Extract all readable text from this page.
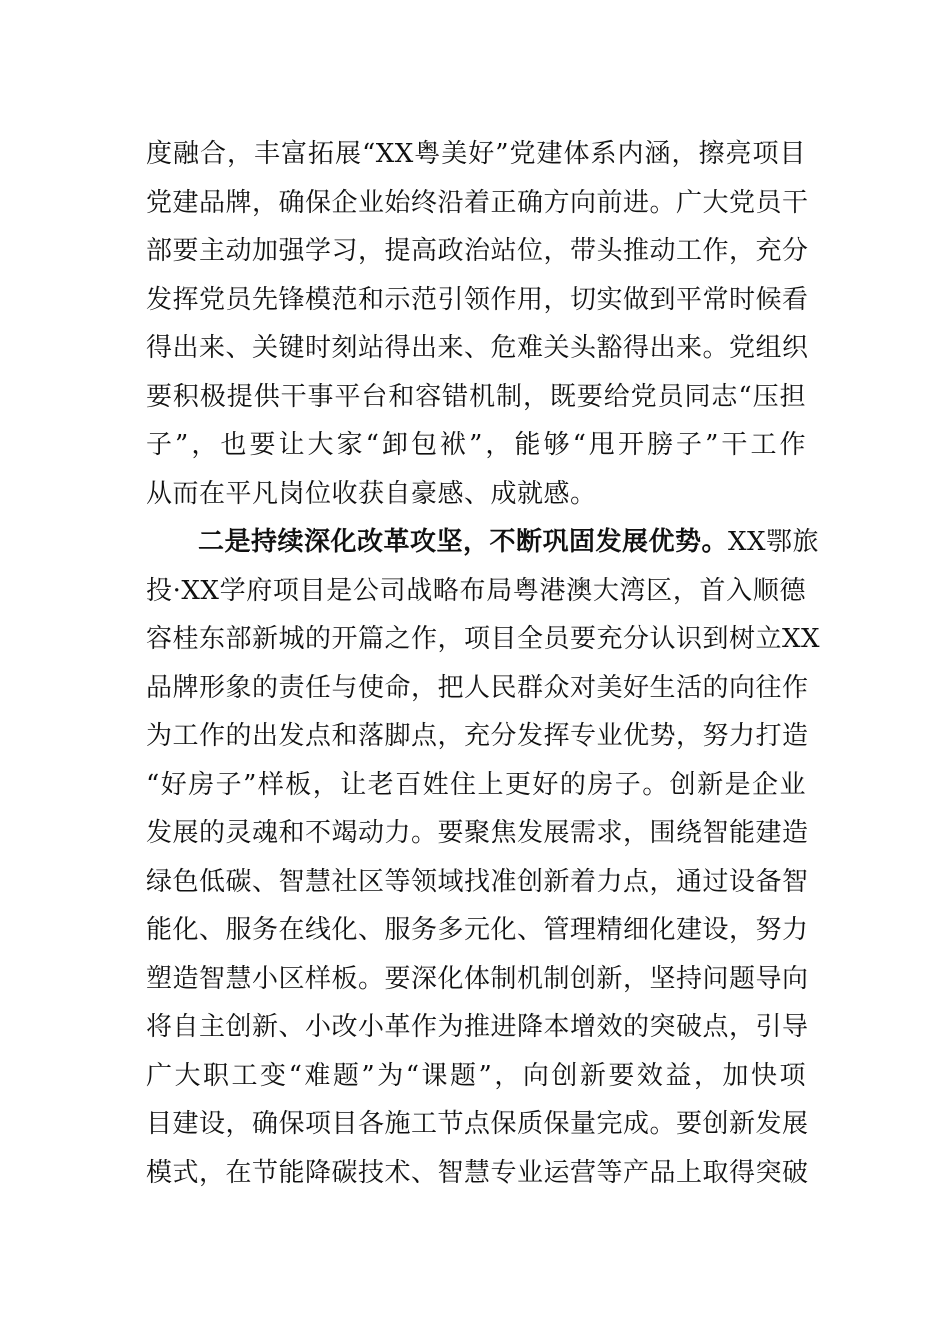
度融合，丰富拓展“XX粤美好”党建体系内涵，擦亮项目
党建品牌，确保企业始终沿着正确方向前进。广大党员干
部要主动加强学习，提高政治站位，带头推动工作，充分
发挥党员先锋模范和示范引领作用，切实做到平常时候看
得出来、关键时刻站得出来、危难关头豁得出来。党组织
要积极提供干事平台和容错机制，既要给党员同志“压担
子”，也要让大家“卸包袱”，能够“甩开膀子”干工作
从而在平凡岗位收获自豪感、成就感。
二是持续深化改革攻坚，不断巩固发展优势。XX鄂旅
投·XX学府项目是公司战略布局粤港澳大湾区，首入顺德
容桂东部新城的开篇之作，项目全员要充分认识到树立XX
品牌形象的责任与使命，把人民群众对美好生活的向往作
为工作的出发点和落脚点，充分发挥专业优势，努力打造
“好房子”样板，让老百姓住上更好的房子。创新是企业
发展的灵魂和不竭动力。要聚焦发展需求，围绕智能建造
绿色低碳、智慧社区等领域找准创新着力点，通过设备智
能化、服务在线化、服务多元化、管理精细化建设，努力
塑造智慧小区样板。要深化体制机制创新，坚持问题导向
将自主创新、小改小革作为推进降本增效的突破点，引导
广大职工变“难题”为“课题”，向创新要效益，加快项
目建设，确保项目各施工节点保质保量完成。要创新发展
模式，在节能降碳技术、智慧专业运营等产品上取得突破
